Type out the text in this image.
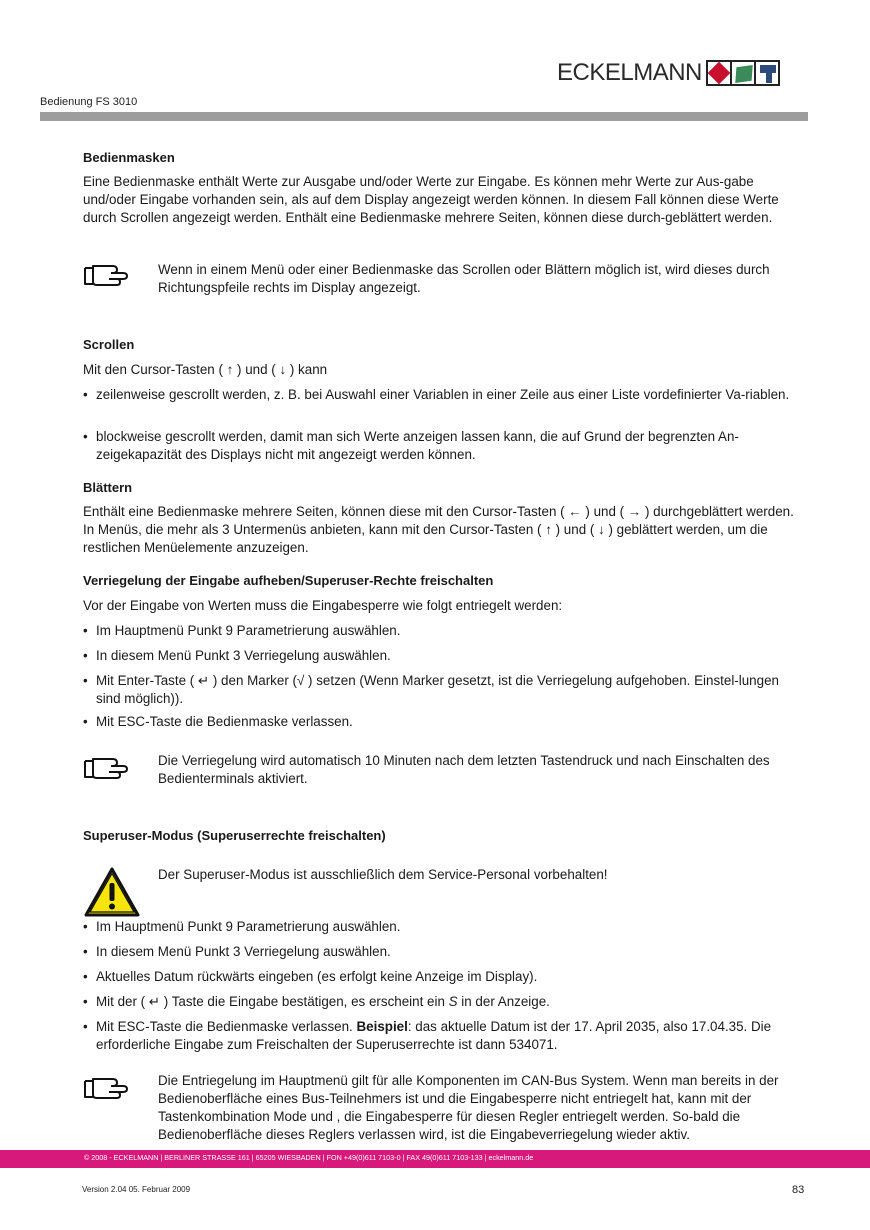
ECKELMANN
Bedienung FS 3010
Bedienmasken
Eine Bedienmaske enthält Werte zur Ausgabe und/oder Werte zur Eingabe. Es können mehr Werte zur Aus-gabe und/oder Eingabe vorhanden sein, als auf dem Display angezeigt werden können. In diesem Fall können diese Werte durch Scrollen angezeigt werden. Enthält eine Bedienmaske mehrere Seiten, können diese durch-geblättert werden.
Wenn in einem Menü oder einer Bedienmaske das Scrollen oder Blättern möglich ist, wird dieses durch Richtungspfeile rechts im Display angezeigt.
Scrollen
Mit den Cursor-Tasten ( ↑ ) und ( ↓ ) kann
• zeilenweise gescrollt werden, z. B. bei Auswahl einer Variablen in einer Zeile aus einer Liste vordefinierter Va-riablen.
• blockweise gescrollt werden, damit man sich Werte anzeigen lassen kann, die auf Grund der begrenzten An-zeigekapazität des Displays nicht mit angezeigt werden können.
Blättern
Enthält eine Bedienmaske mehrere Seiten, können diese mit den Cursor-Tasten ( ← ) und ( → ) durchgeblättert werden. In Menüs, die mehr als 3 Untermenüs anbieten, kann mit den Cursor-Tasten ( ↑ ) und ( ↓ ) geblättert werden, um die restlichen Menüelemente anzuzeigen.
Verriegelung der Eingabe aufheben/Superuser-Rechte freischalten
Vor der Eingabe von Werten muss die Eingabesperre wie folgt entriegelt werden:
• Im Hauptmenü Punkt 9 Parametrierung auswählen.
• In diesem Menü Punkt 3 Verriegelung auswählen.
• Mit Enter-Taste ( ↵ ) den Marker (√ ) setzen (Wenn Marker gesetzt, ist die Verriegelung aufgehoben. Einstel-lungen sind möglich)).
• Mit ESC-Taste die Bedienmaske verlassen.
Die Verriegelung wird automatisch 10 Minuten nach dem letzten Tastendruck und nach Einschalten des Bedienterminals aktiviert.
Superuser-Modus (Superuserrechte freischalten)
Der Superuser-Modus ist ausschließlich dem Service-Personal vorbehalten!
• Im Hauptmenü Punkt 9 Parametrierung auswählen.
• In diesem Menü Punkt 3 Verriegelung auswählen.
• Aktuelles Datum rückwärts eingeben (es erfolgt keine Anzeige im Display).
• Mit der ( ↵ ) Taste die Eingabe bestätigen, es erscheint ein S in der Anzeige.
• Mit ESC-Taste die Bedienmaske verlassen. Beispiel: das aktuelle Datum ist der 17. April 2035, also 17.04.35. Die erforderliche Eingabe zum Freischalten der Superuserrechte ist dann 534071.
Die Entriegelung im Hauptmenü gilt für alle Komponenten im CAN-Bus System. Wenn man bereits in der Bedienoberfläche eines Bus-Teilnehmers ist und die Eingabesperre nicht entriegelt hat, kann mit der Tastenkombination Mode und , die Eingabesperre für diesen Regler entriegelt werden. So-bald die Bedienoberfläche dieses Reglers verlassen wird, ist die Eingabeverriegelung wieder aktiv.
© 2008 - ECKELMANN | BERLINER STRASSE 161 | 65205 WIESBADEN | FON +49(0)611 7103-0 | FAX 49(0)611 7103-133 | eckelmann.de
Version 2.04 05. Februar 2009	83
